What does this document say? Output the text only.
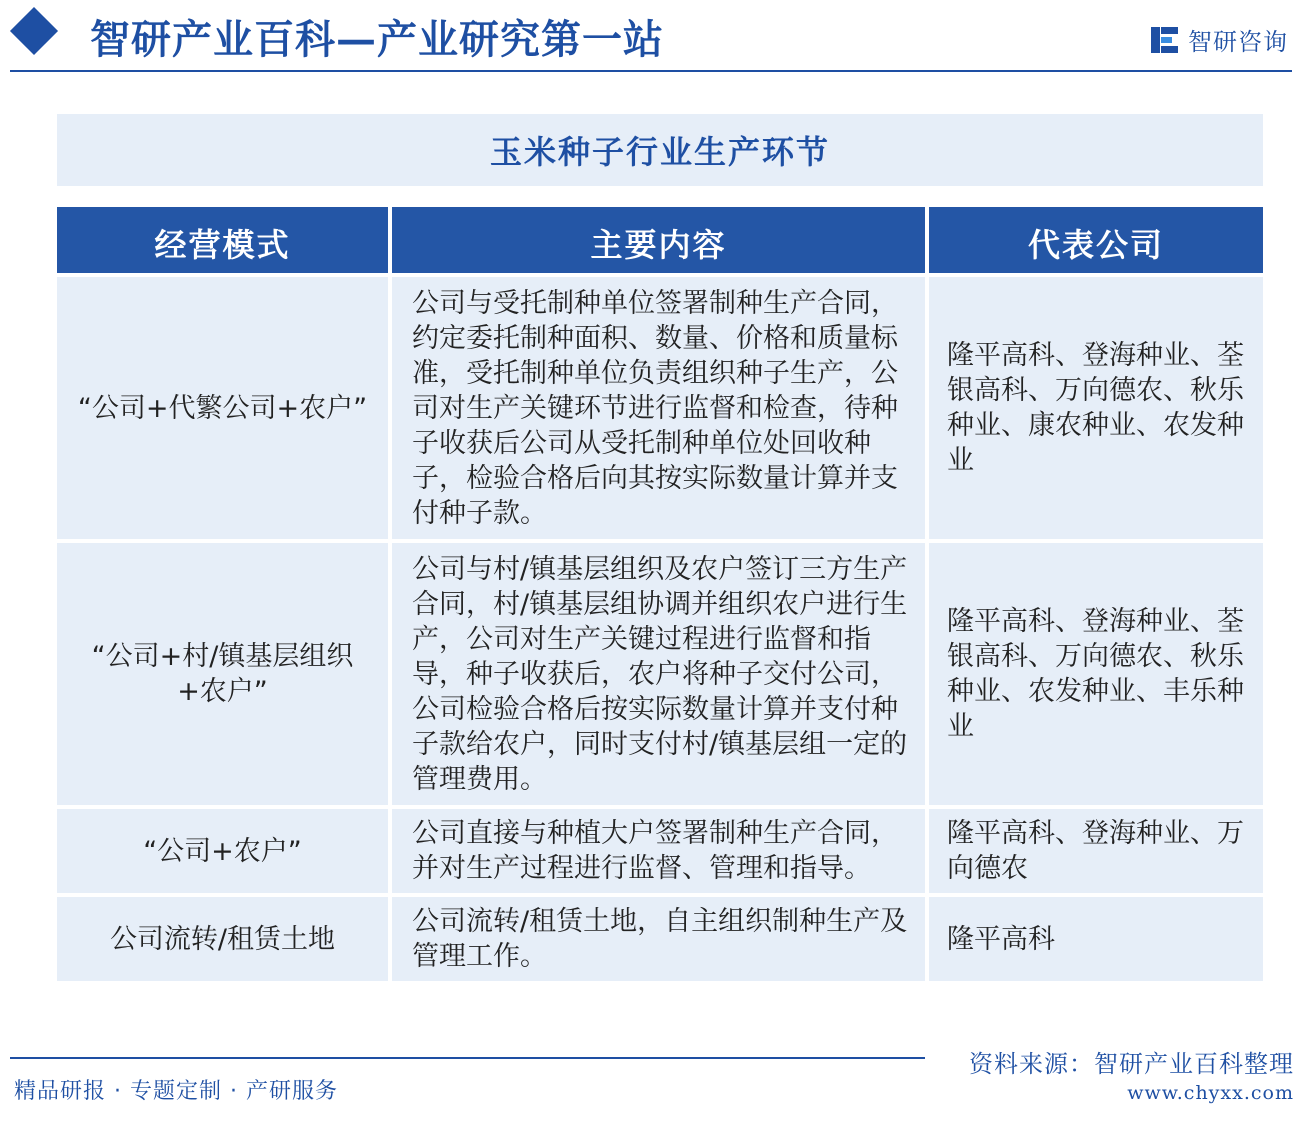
智研产业百科—产业研究第一站	智研咨询
玉米种子行业生产环节
经营模式	主要内容	代表公司
“公司+代繁公司+农户”	公司与受托制种单位签署制种生产合同，约定委托制种面积、数量、价格和质量标准，受托制种单位负责组织种子生产，公司对生产关键环节进行监督和检查，待种子收获后公司从受托制种单位处回收种子，检验合格后向其按实际数量计算并支付种子款。	隆平高科、登海种业、荃银高科、万向德农、秋乐种业、康农种业、农发种业
“公司+村/镇基层组织+农户”	公司与村/镇基层组织及农户签订三方生产合同，村/镇基层组协调并组织农户进行生产，公司对生产关键过程进行监督和指导，种子收获后，农户将种子交付公司，公司检验合格后按实际数量计算并支付种子款给农户，同时支付村/镇基层组一定的管理费用。	隆平高科、登海种业、荃银高科、万向德农、秋乐种业、农发种业、丰乐种业
“公司+农户”	公司直接与种植大户签署制种生产合同，并对生产过程进行监督、管理和指导。	隆平高科、登海种业、万向德农
公司流转/租赁土地	公司流转/租赁土地，自主组织制种生产及管理工作。	隆平高科
精品研报 · 专题定制 · 产研服务
资料来源：智研产业百科整理
www.chyxx.com
